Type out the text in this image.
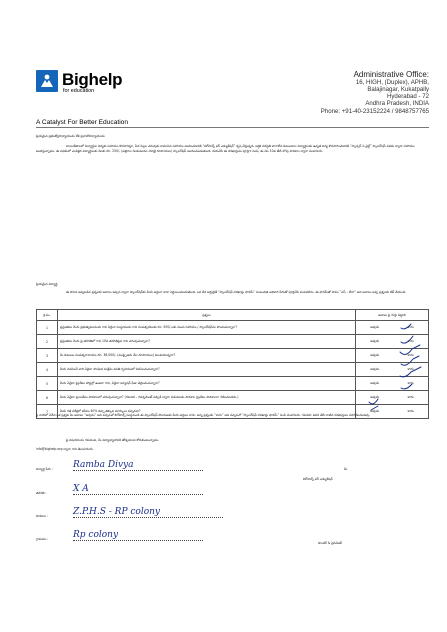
Bighelp
for education
A Catalyst For Better Education
Administrative Office:
16, HIGH, (Duplex), APHB,
Balajinagar, Kukatpally
Hyderabad - 72
Andhra Pradesh, INDIA
Phone: +91-40-23152224 / 9848757765
ప్రియమైన ప్రభుత్వోపాధ్యాయుడు లేక ప్రధానోపాధ్యాయుడు
బాలలకేతాలలో విద్యార్థుల విద్యకు సహాయం కొనసాగిస్తూ, పేద పిల్లల చదువుకు కావలసిన సహాయం అందించడానికి “బిగ్‌హెల్ప్ ఫర్ ఎడ్యుకేషన్” కృషి చేస్తున్నది. ఆర్థిక పరిస్థితి బాగాలేని కుటుంబాల విద్యార్థులకు ఉన్నత విద్య కొనసాగించడానికి “స్పాన్సర్ ఏ చైల్డ్” స్కాలర్‌షిప్ పథకం ద్వారా సహాయం అందిస్తున్నాము. ఈ పథకంలో ఎంపికైన విద్యార్థులకు నెలకు రూ. 250/- (అక్షరాల రెండువందల యాభై రూపాయలు) స్కాలర్‌షిప్ అందించబడుతుంది. దయచేసి ఈ దరఖాస్తును పూర్తిగా నింపి, ఈ నెల 10వ తేదీ లోపు పాఠశాల ద్వారా పంపగలరు.
ప్రియమైన విద్యార్థి,
ఈ దిగువ ఇవ్వబడిన ప్రశ్నలకు జవాబు ఇచ్చిన ద్వారా స్కాలర్‌షిప్‌కు మీరు అర్హులా కాదా నిర్ణయించబడుతుంది. ఒక వేళ అర్హులైతే “స్కాలర్‌షిప్ దరఖాస్తు ఫారమ్” సంబంధిత అధికారి పేరుతో పూర్తిచేసి పంపవలెను. ఈ ఫారమ్‌తో పాటు “ఎస్ – లేదా” అని జవాబు ఇచ్చి ప్రశ్నలకు టిక్ చేయండి.
క్ర.సం.	ప్రశ్నలు	జవాబు పై గుర్తు పెట్టాలి
1	ప్రస్తుతము మీరు ప్రభుత్వమునందు గాని ఏదైనా సంస్థయందు గాని సంపత్సరముకు రూ. 500/-లకు మించి సహాయం / స్కాలర్‌షిప్‌ను పొందుచున్నారా?	అవును కాదు

2	ప్రస్తుతము మీరు పై తరగతిలో గాని 10వ తరగతిపైన గాని చదువుచున్నారా?	అవును కాదు

3	మీ కుటుంబ సంవత్సరాదాయం రూ. 36,000/- (ముప్పైఆరు వేల రూపాయలు) మించియున్నదా?	అవును కాదు

4	మీరు నివసించే వారి ఏదైనా సాంఘిక సంక్షేమ వసతి గృహములో నివసించుచున్నారా?	అవును కాదు

5	మీరు ఏదైనా ప్రైవేటు హాస్టల్లో ఉంటూ గాని, ఏదైనా ట్యూషన్ ఫీజు చెల్లించుచున్నారా?	అవును కాదు

6	మీరు ఏదైనా ప్రయివేటు పాఠశాలలో చదువుచున్నారా? (గమనిక – గవర్నమెంట్ సబ్సిడీ ద్వారా నడుపబడు పాఠశాల ప్రైవేటు పాఠశాలగా గణించబడదు.)	అవును కాదు

7	మీకు గత పరీక్షలో కనీసం 40% కన్నా తక్కువ మార్కులు వచ్చినవా?	అవును కాదు
పై వాటిలో ఏదేని ఒక ప్రశ్నకు మీ జవాబు “అవును” అని వచ్చినచో బిగ్‌హెల్ప్ సంస్థనుండి ఈ స్కాలర్‌షిప్ పొందుటకు మీరు అర్హులు కారు. అన్ని ప్రశ్నలకు “కాదు” అని వచ్చినచో “స్కాలర్‌షిప్ దరఖాస్తు ఫారమ్” నింపి పంపగలరు. గమనిక: చివరి తేదీ దాటిన దరఖాస్తులు పరిగణించబడవు.
పై విషయాలను గమనించి, మీ విద్యాభ్యాసానికి తోడ్పడాలని కోరుకుంటున్నాము.
info@bighelp.org ద్వారా గాని తెలుపగలరు.
విద్యార్థి పేరు : Ramba Divya
తరగతి :	X A
పాఠశాల :	Z.P.H.S - RP colony
గ్రామము :	Rp colony
మీ
బిగ్‌హెల్ప్ ఫర్ ఎడ్యుకేషన్
పాండర్ & ప్రెసిడెంట్
